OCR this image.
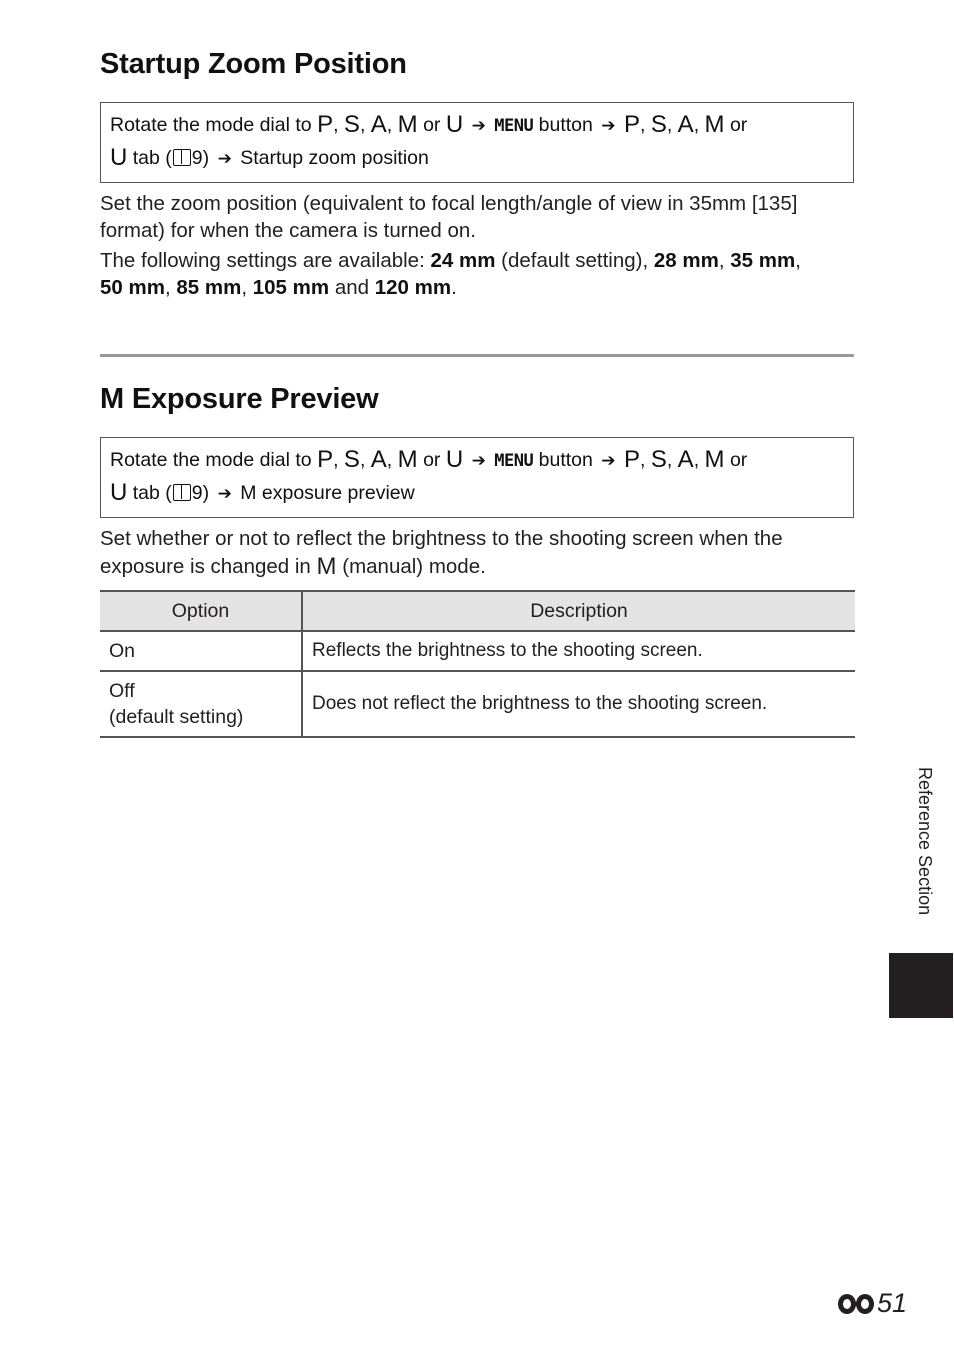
Startup Zoom Position
Rotate the mode dial to P, S, A, M or U ➔ MENU button ➔ P, S, A, M or
U tab ( 9) ➔ Startup zoom position

Set the zoom position (equivalent to focal length/angle of view in 35mm [135] format) for when the camera is turned on.

The following settings are available: 24 mm (default setting), 28 mm, 35 mm,
50 mm, 85 mm, 105 mm and 120 mm.

M Exposure Preview
Rotate the mode dial to P, S, A, M or U ➔ MENU button ➔ P, S, A, M or
U tab ( 9) ➔ M exposure preview

Set whether or not to reflect the brightness to the shooting screen when the exposure is changed in M (manual) mode.

Option	Description
On	Reflects the brightness to the shooting screen.
Off
(default setting)	Does not reflect the brightness to the shooting screen.
Reference Section
51
